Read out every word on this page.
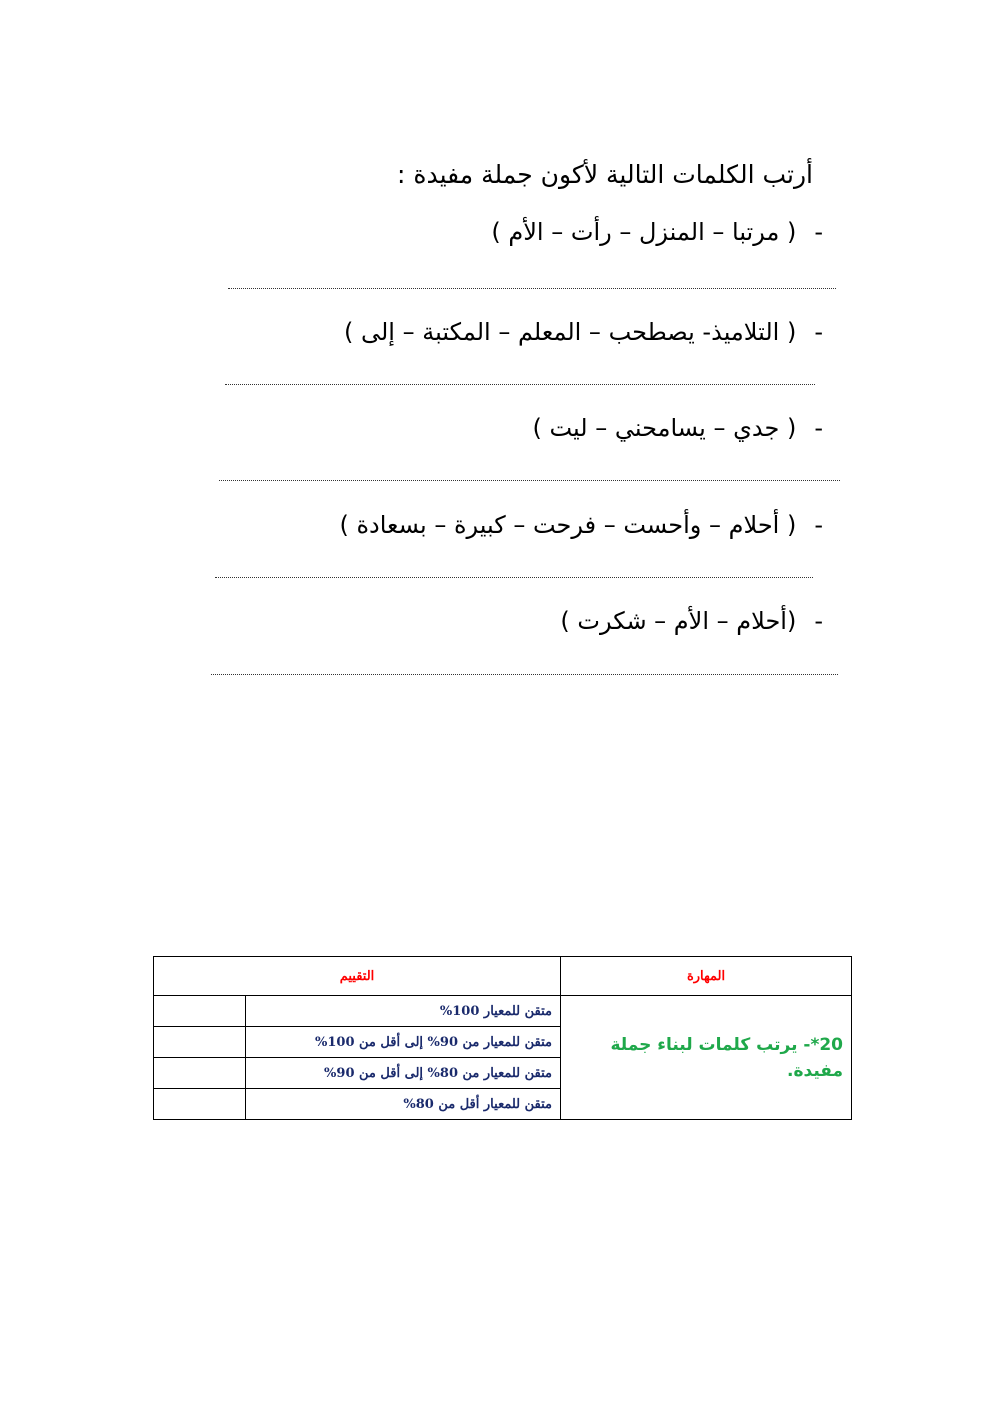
أرتب الكلمات التالية لأكون جملة مفيدة :
-( مرتبا – المنزل – رأت – الأم )
-( التلاميذ- يصطحب – المعلم – المكتبة – إلى )
-( جدي – يسامحني – ليت )
-( أحلام – وأحست – فرحت – كبيرة – بسعادة )
-(أحلام – الأم – شكرت )
المهارة	التقييم	
20*- يرتب كلمات لبناء جملة مفيدة.	متقن للمعيار 100%	
	متقن للمعيار من 90% إلى أقل من 100%	
	متقن للمعيار من 80% إلى أقل من 90%	
	متقن للمعيار أقل من 80%	
